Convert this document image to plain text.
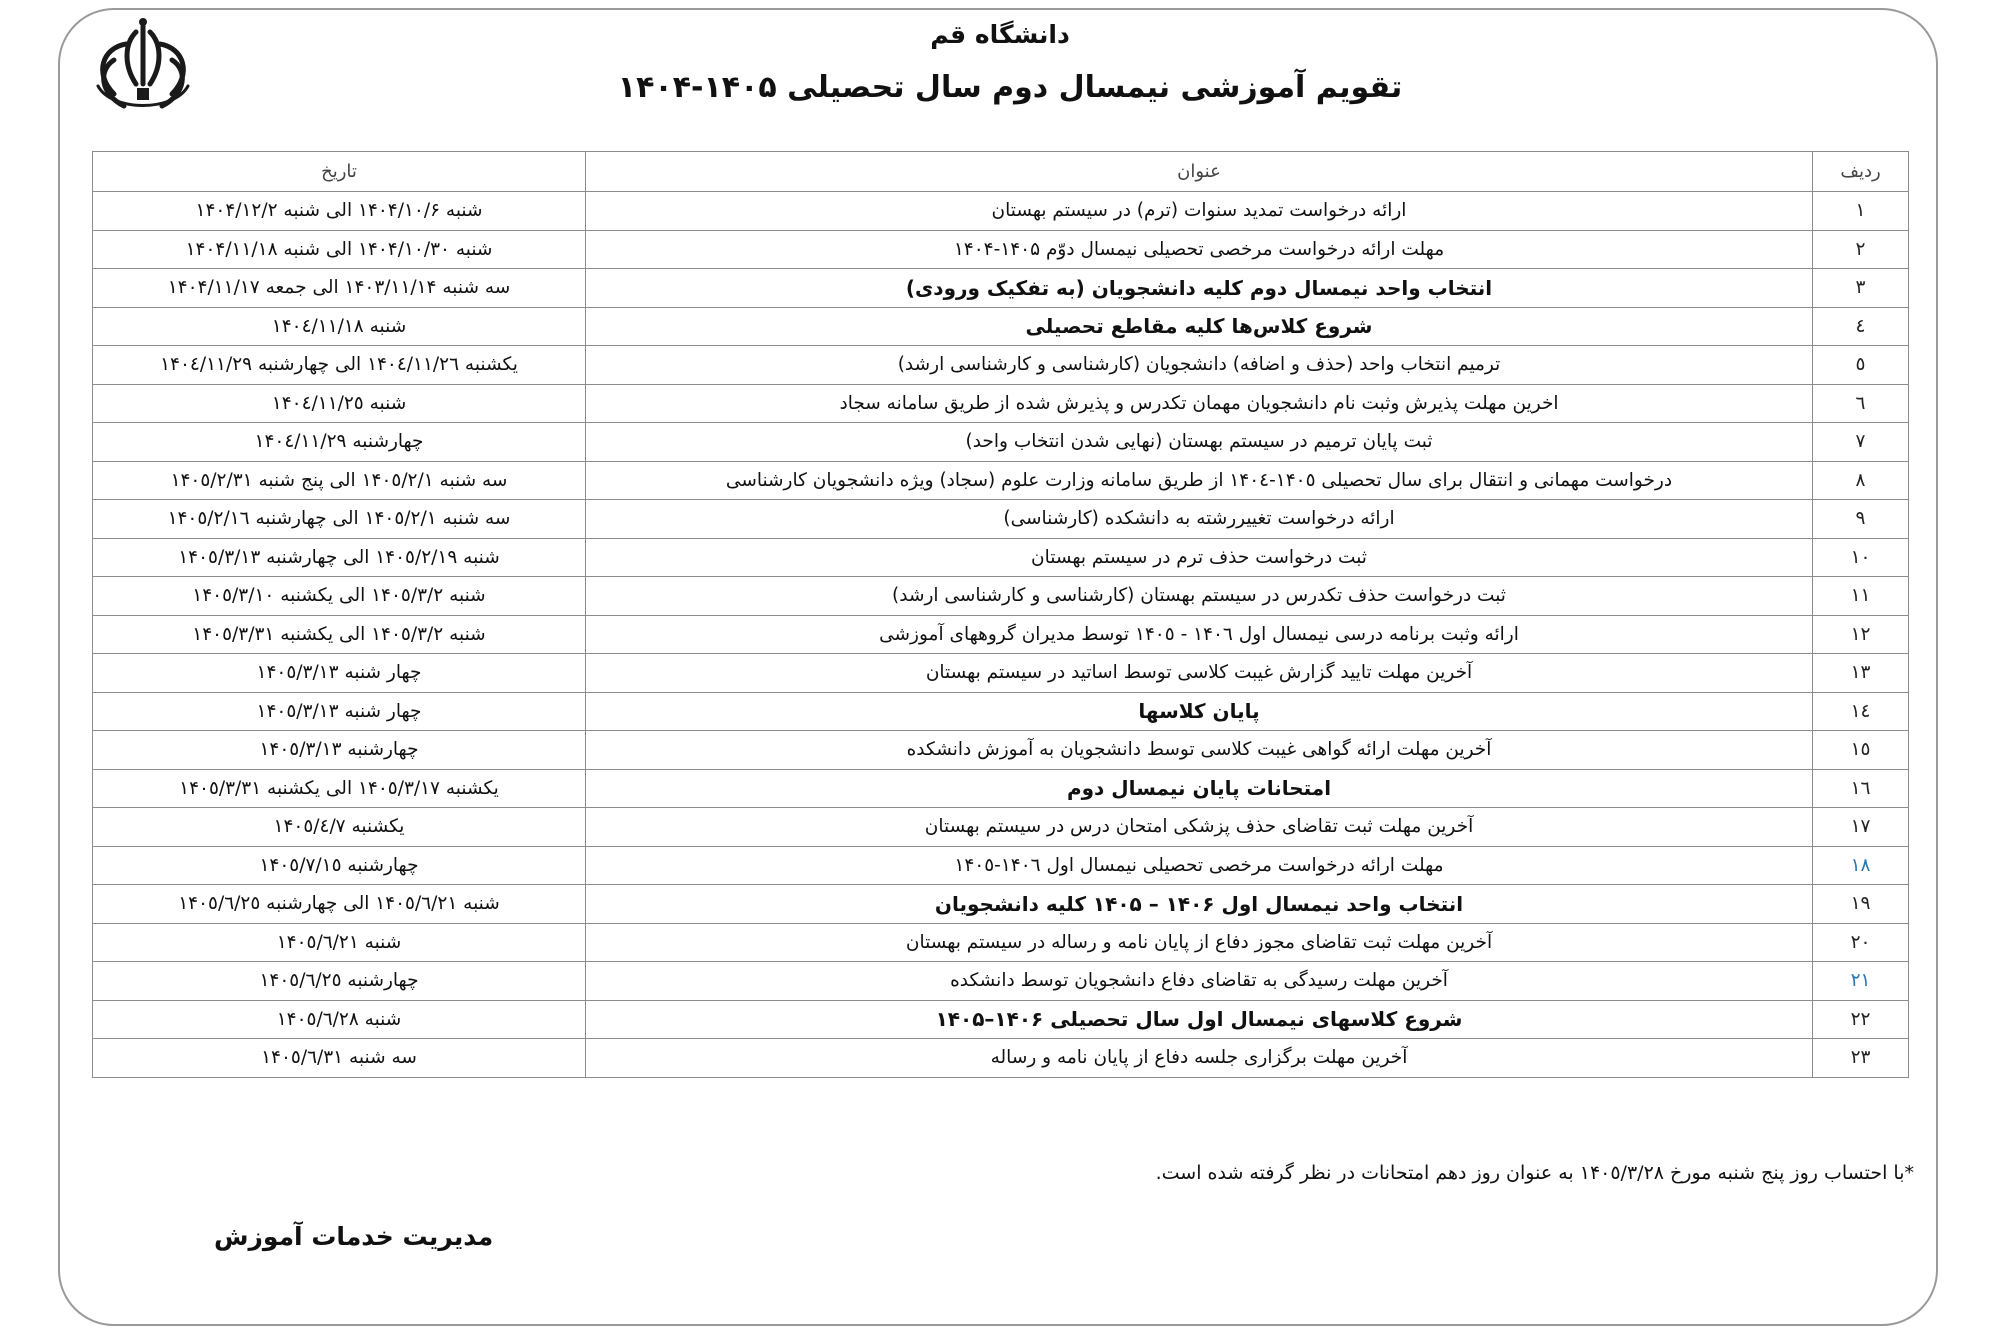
دانشگاه قم
تقویم آموزشی نیمسال دوم سال تحصیلی ۱۴۰۵-۱۴۰۴
ردیف	عنوان	تاریخ
۱	ارائه درخواست تمدید سنوات (ترم) در سیستم بهستان	شنبه ۱۴۰۴/۱۰/۶ الی شنبه ۱۴۰۴/۱۲/۲
۲	مهلت ارائه درخواست مرخصی تحصیلی نیمسال دوّم ۱۴۰۵-۱۴۰۴	شنبه ۱۴۰۴/۱۰/۳۰ الی شنبه ۱۴۰۴/۱۱/۱۸
۳	انتخاب واحد نیمسال دوم کلیه دانشجویان (به تفکیک ورودی)	سه شنبه ۱۴۰۳/۱۱/۱۴ الی جمعه ۱۴۰۴/۱۱/۱۷
٤	شروع کلاس‌ها کلیه مقاطع تحصیلی	شنبه ۱۴۰٤/۱۱/۱۸
٥	ترمیم انتخاب واحد (حذف و اضافه) دانشجویان (کارشناسی و کارشناسی ارشد)	یکشنبه ۱۴۰٤/۱۱/۲٦ الی چهارشنبه ۱۴۰٤/۱۱/۲۹
٦	اخرین مهلت پذیرش وثبت نام دانشجویان مهمان تکدرس و پذیرش شده از طریق سامانه سجاد	شنبه ۱۴۰٤/۱۱/۲٥
۷	ثبت پایان ترمیم در سیستم بهستان (نهایی شدن انتخاب واحد)	چهارشنبه ۱۴۰٤/۱۱/۲۹
۸	درخواست مهمانی و انتقال برای سال تحصیلی ۱۴۰٥-۱۴۰٤ از طریق سامانه وزارت علوم (سجاد) ویژه دانشجویان کارشناسی	سه شنبه ۱۴۰٥/۲/۱ الی پنج شنبه ۱۴۰٥/۲/۳۱
۹	ارائه درخواست تغییررشته به دانشکده (کارشناسی)	سه شنبه ۱۴۰٥/۲/۱ الی چهارشنبه ۱۴۰٥/۲/۱٦
۱۰	ثبت درخواست حذف ترم در سیستم بهستان	شنبه ۱۴۰٥/۲/۱۹ الی چهارشنبه ۱۴۰٥/۳/۱۳
۱۱	ثبت درخواست حذف تکدرس در سیستم بهستان (کارشناسی و کارشناسی ارشد)	شنبه ۱۴۰٥/۳/۲ الی یکشنبه ۱۴۰٥/۳/۱۰
۱۲	ارائه وثبت برنامه درسی نیمسال اول ۱۴۰٦ - ۱۴۰٥ توسط مدیران گروههای آموزشی	شنبه ۱۴۰٥/۳/۲ الی یکشنبه ۱۴۰٥/۳/۳۱
۱۳	آخرین مهلت تایید گزارش غیبت کلاسی توسط اساتید در سیستم بهستان	چهار شنبه ۱۴۰٥/۳/۱۳
۱٤	پایان کلاسها	چهار شنبه ۱۴۰٥/۳/۱۳
۱٥	آخرین مهلت ارائه گواهی غیبت کلاسی توسط دانشجویان به آموزش دانشکده	چهارشنبه ۱۴۰٥/۳/۱۳
۱٦	امتحانات پایان نیمسال دوم	یکشنبه ۱۴۰٥/۳/۱۷ الی یکشنبه ۱۴۰٥/۳/۳۱
۱۷	آخرین مهلت ثبت تقاضای حذف پزشکی امتحان درس در سیستم بهستان	یکشنبه ۱۴۰٥/٤/۷
۱۸	مهلت ارائه درخواست مرخصی تحصیلی نیمسال اول ۱۴۰٦-۱۴۰٥	چهارشنبه ۱۴۰٥/۷/۱٥
۱۹	انتخاب واحد نیمسال اول ۱۴۰۶ – ۱۴۰۵ کلیه دانشجویان	شنبه ۱۴۰٥/٦/۲۱ الی چهارشنبه ۱۴۰٥/٦/۲٥
۲۰	آخرین مهلت ثبت تقاضای مجوز دفاع از پایان نامه و رساله در سیستم بهستان	شنبه ۱۴۰٥/٦/۲۱
۲۱	آخرین مهلت رسیدگی به تقاضای دفاع دانشجویان توسط دانشکده	چهارشنبه ۱۴۰٥/٦/۲٥
۲۲	شروع کلاسهای نیمسال اول سال تحصیلی ۱۴۰۶–۱۴۰۵	شنبه ۱۴۰٥/٦/۲۸
۲۳	آخرین مهلت برگزاری جلسه دفاع از پایان نامه و رساله	سه شنبه ۱۴۰٥/٦/۳۱
*با احتساب روز پنج شنبه مورخ ۱۴۰٥/۳/۲۸ به عنوان روز دهم امتحانات در نظر گرفته شده است.
مدیریت خدمات آموزش
